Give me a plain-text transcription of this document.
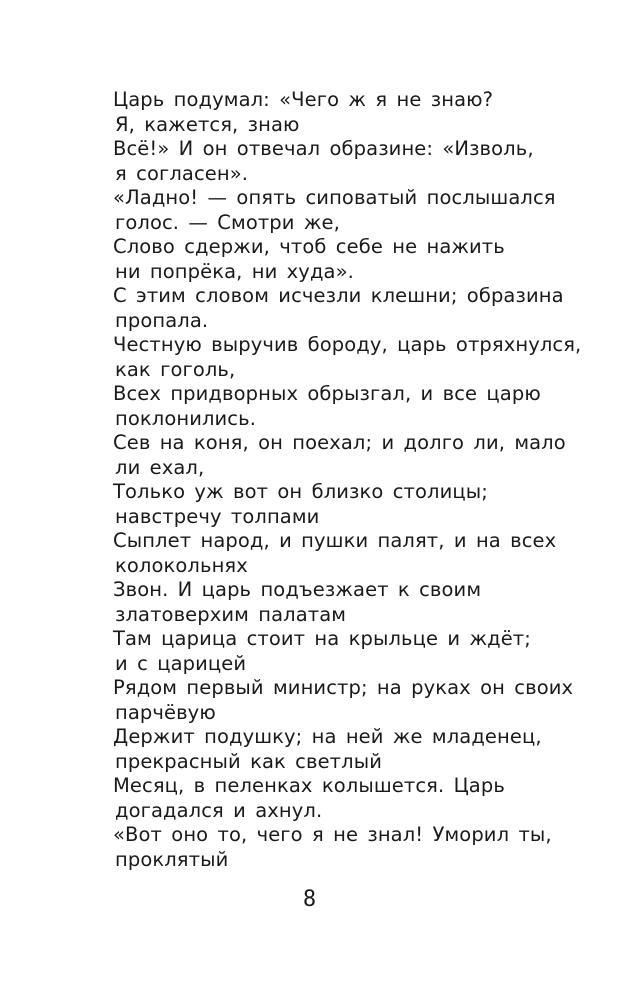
Царь подумал: «Чего ж я не знаю?
Я, кажется, знаю
Всё!» И он отвечал образине: «Изволь,
я согласен».
«Ладно! — опять сиповатый послышался
голос. — Смотри же,
Слово сдержи, чтоб себе не нажить
ни попрёка, ни худа».
С этим словом исчезли клешни; образина
пропала.
Честную выручив бороду, царь отряхнулся,
как гоголь,
Всех придворных обрызгал, и все царю
поклонились.
Сев на коня, он поехал; и долго ли, мало
ли ехал,
Только уж вот он близко столицы;
навстречу толпами
Сыплет народ, и пушки палят, и на всех
колокольнях
Звон. И царь подъезжает к своим
златоверхим палатам
Там царица стоит на крыльце и ждёт;
и с царицей
Рядом первый министр; на руках он своих
парчёвую
Держит подушку; на ней же младенец,
прекрасный как светлый
Месяц, в пеленках колышется. Царь
догадался и ахнул.
«Вот оно то, чего я не знал! Уморил ты,
проклятый
8
